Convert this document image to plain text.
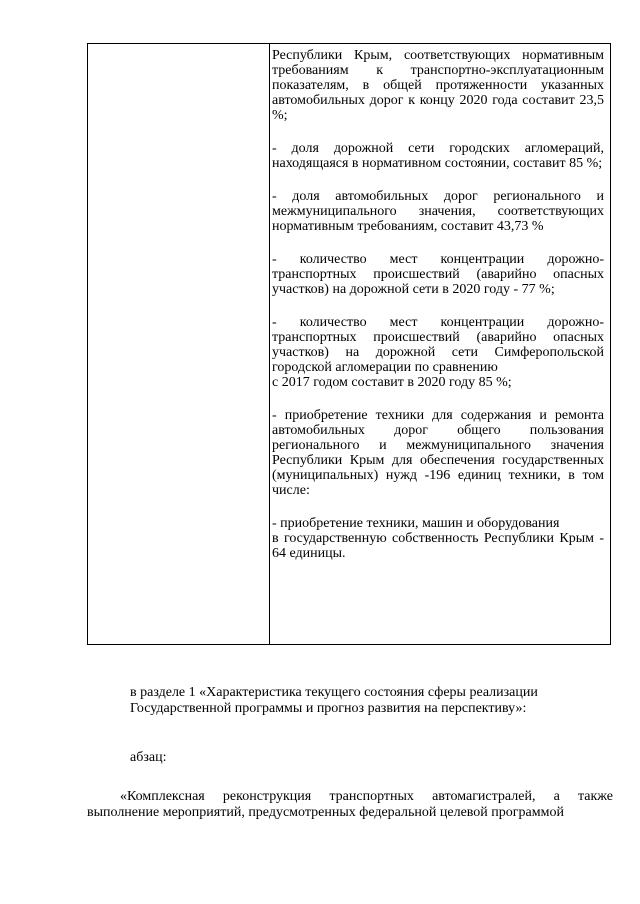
Республики Крым, соответствующих нормативным требованиям к транспортно-эксплуатационным показателям, в общей протяженности указанных автомобильных дорог к концу 2020 года составит 23,5 %;

- доля дорожной сети городских агломераций, находящаяся в нормативном состоянии, составит 85 %;

- доля автомобильных дорог регионального и межмуниципального значения, соответствующих нормативным требованиям, составит 43,73 %

- количество мест концентрации дорожно-транспортных происшествий (аварийно опасных участков) на дорожной сети в 2020 году - 77 %;

- количество мест концентрации дорожно-транспортных происшествий (аварийно опасных участков) на дорожной сети Симферопольской городской агломерации по сравнению
с 2017 годом составит в 2020 году 85 %;

- приобретение техники для содержания и ремонта автомобильных дорог общего пользования регионального и межмуниципального значения Республики Крым для обеспечения государственных (муниципальных) нужд -196 единиц техники, в том числе:

- приобретение техники, машин и оборудования
в государственную собственность Республики Крым - 64 единицы.

в разделе 1 «Характеристика текущего состояния сферы реализации
Государственной программы и прогноз развития на перспективу»:
абзац:
«Комплексная реконструкция транспортных автомагистралей, а также выполнение мероприятий, предусмотренных федеральной целевой программой
